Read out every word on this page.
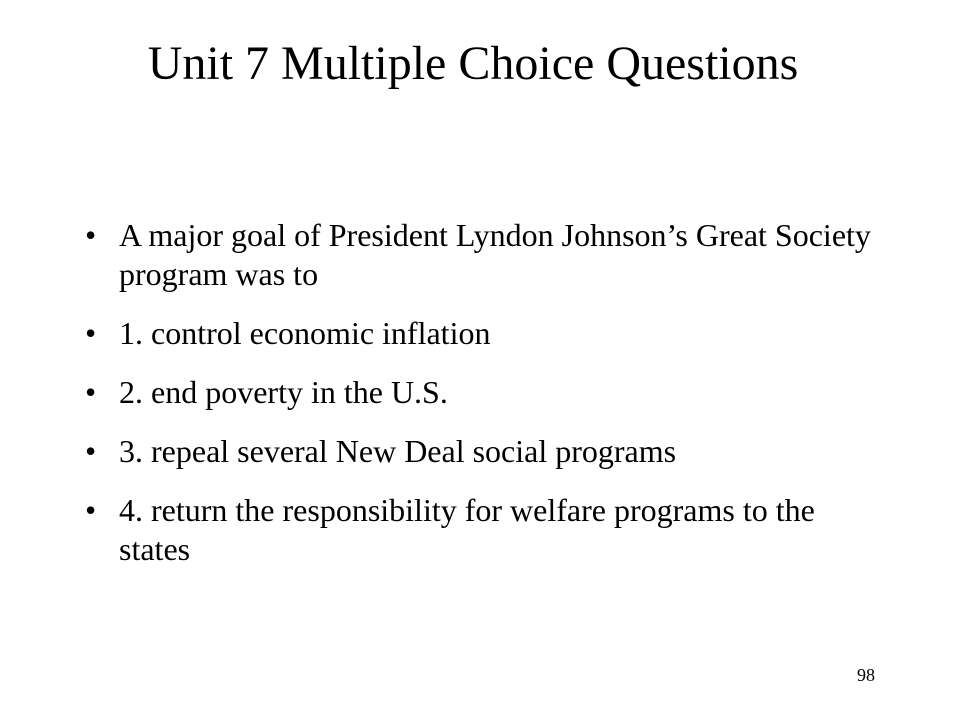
Unit 7 Multiple Choice Questions
• A major goal of President Lyndon Johnson’s Great Society program was to
• 1. control economic inflation
• 2. end poverty in the U.S.
• 3. repeal several New Deal social programs
• 4. return the responsibility for welfare programs to the states
98
